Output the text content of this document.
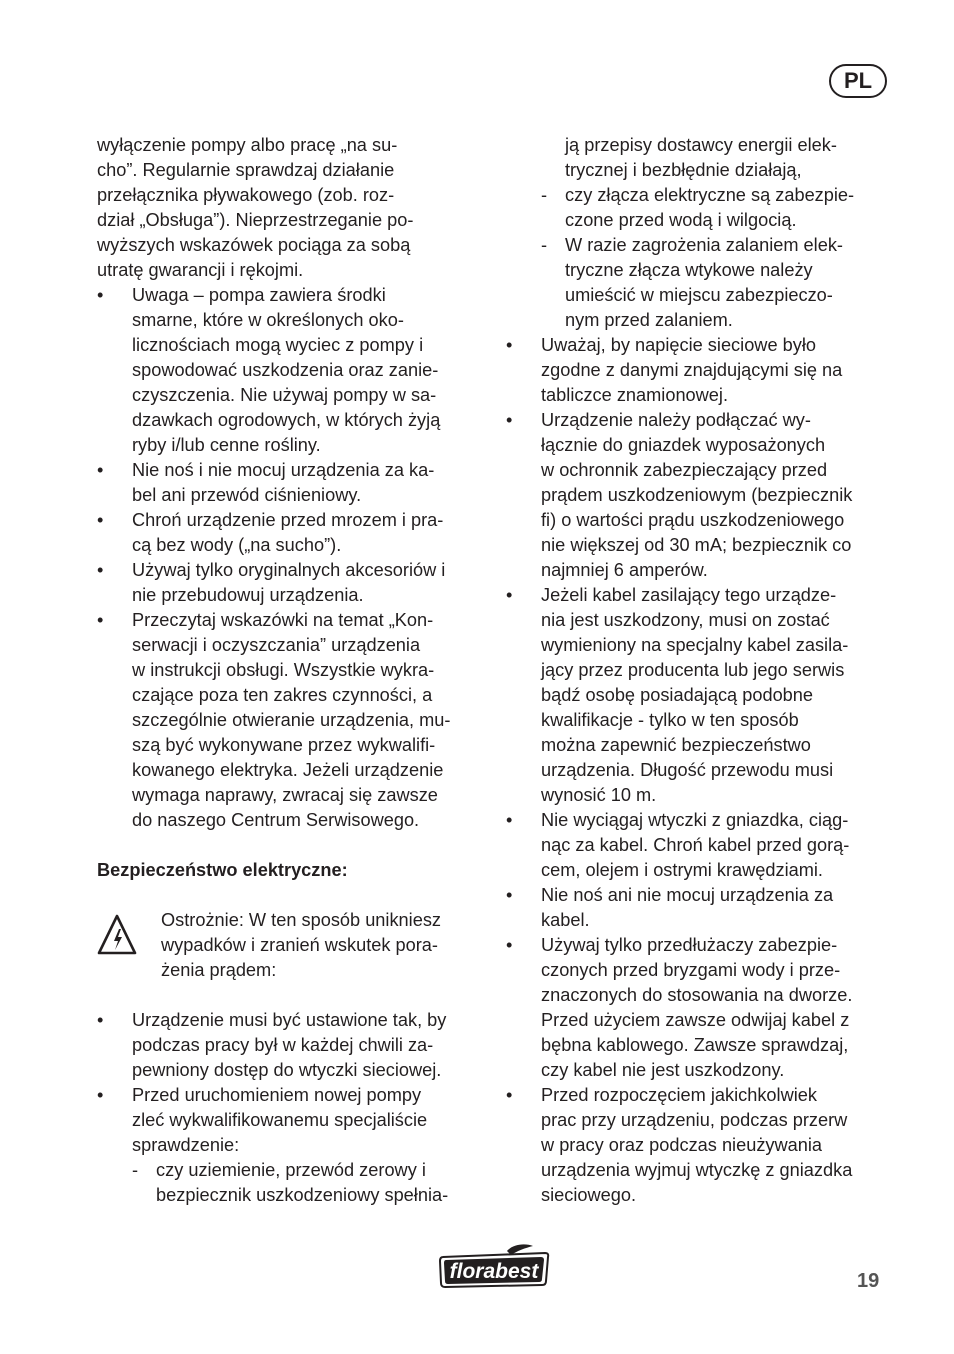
PL
wyłączenie pompy albo pracę „na su-
cho”. Regularnie sprawdzaj działanie
przełącznika pływakowego (zob. roz-
dział „Obsługa”). Nieprzestrzeganie po-
wyższych wskazówek pociąga za sobą
utratę gwarancji i rękojmi.
• Uwaga – pompa zawiera środki
smarne, które w określonych oko-
licznościach mogą wyciec z pompy i
spowodować uszkodzenia oraz zanie-
czyszczenia. Nie używaj pompy w sa-
dzawkach ogrodowych, w których żyją
ryby i/lub cenne rośliny.
• Nie noś i nie mocuj urządzenia za ka-
bel ani przewód ciśnieniowy.
• Chroń urządzenie przed mrozem i pra-
cą bez wody („na sucho”).
• Używaj tylko oryginalnych akcesoriów i
nie przebudowuj urządzenia.
• Przeczytaj wskazówki na temat „Kon-
serwacji i oczyszczania” urządzenia
w instrukcji obsługi. Wszystkie wykra-
czające poza ten zakres czynności, a
szczególnie otwieranie urządzenia, mu-
szą być wykonywane przez wykwalifi-
kowanego elektryka. Jeżeli urządzenie
wymaga naprawy, zwracaj się zawsze
do naszego Centrum Serwisowego.
Bezpieczeństwo elektryczne:
Ostrożnie: W ten sposób unikniesz
wypadków i zranień wskutek pora-
żenia prądem:
• Urządzenie musi być ustawione tak, by
podczas pracy był w każdej chwili za-
pewniony dostęp do wtyczki sieciowej.
• Przed uruchomieniem nowej pompy
zleć wykwalifikowanemu specjaliście
sprawdzenie:
- czy uziemienie, przewód zerowy i
bezpiecznik uszkodzeniowy spełnia-
ją przepisy dostawcy energii elek-
trycznej i bezbłędnie działają,
- czy złącza elektryczne są zabezpie-
czone przed wodą i wilgocią.
- W razie zagrożenia zalaniem elek-
tryczne złącza wtykowe należy
umieścić w miejscu zabezpieczo-
nym przed zalaniem.
• Uważaj, by napięcie sieciowe było
zgodne z danymi znajdującymi się na
tabliczce znamionowej.
• Urządzenie należy podłączać wy-
łącznie do gniazdek wyposażonych
w ochronnik zabezpieczający przed
prądem uszkodzeniowym (bezpiecznik
fi) o wartości prądu uszkodzeniowego
nie większej od 30 mA; bezpiecznik co
najmniej 6 amperów.
• Jeżeli kabel zasilający tego urządze-
nia jest uszkodzony, musi on zostać
wymieniony na specjalny kabel zasila-
jący przez producenta lub jego serwis
bądź osobę posiadającą podobne
kwalifikacje - tylko w ten sposób
można zapewnić bezpieczeństwo
urządzenia. Długość przewodu musi
wynosić 10 m.
• Nie wyciągaj wtyczki z gniazdka, ciąg-
nąc za kabel. Chroń kabel przed gorą-
cem, olejem i ostrymi krawędziami.
• Nie noś ani nie mocuj urządzenia za
kabel.
• Używaj tylko przedłużaczy zabezpie-
czonych przed bryzgami wody i prze-
znaczonych do stosowania na dworze.
Przed użyciem zawsze odwijaj kabel z
bębna kablowego. Zawsze sprawdzaj,
czy kabel nie jest uszkodzony.
• Przed rozpoczęciem jakichkolwiek
prac przy urządzeniu, podczas przerw
w pracy oraz podczas nieużywania
urządzenia wyjmuj wtyczkę z gniazdka
sieciowego.
florabest	19
